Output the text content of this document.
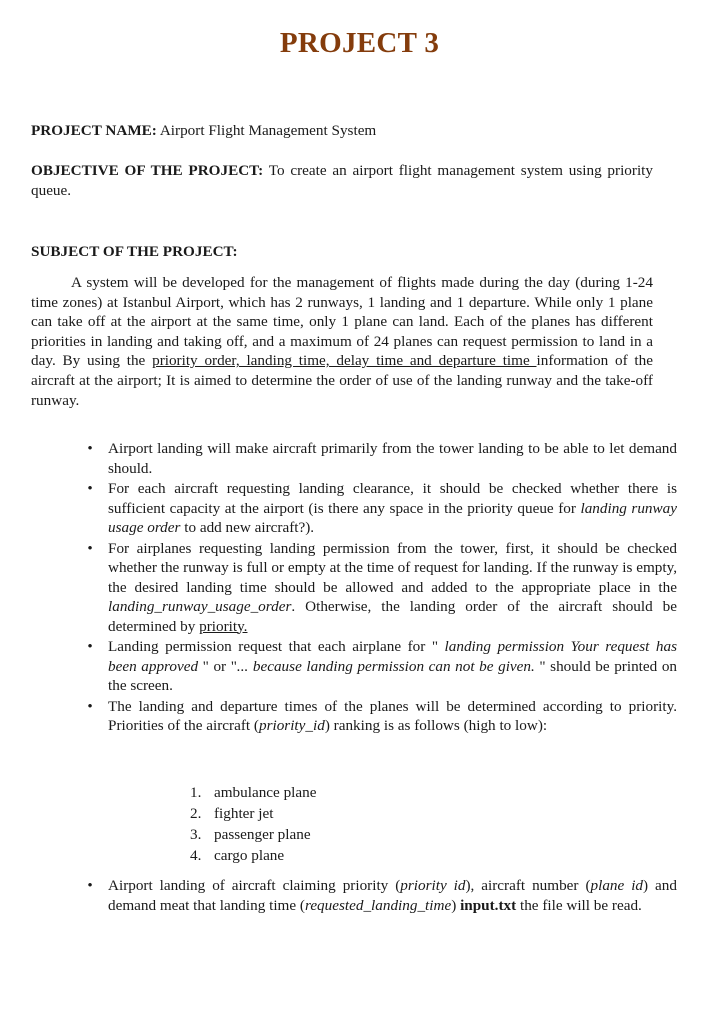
PROJECT 3
PROJECT NAME: Airport Flight Management System
OBJECTIVE OF THE PROJECT: To create an airport flight management system using priority queue.
SUBJECT OF THE PROJECT:
A system will be developed for the management of flights made during the day (during 1-24 time zones) at Istanbul Airport, which has 2 runways, 1 landing and 1 departure. While only 1 plane can take off at the airport at the same time, only 1 plane can land. Each of the planes has different priorities in landing and taking off, and a maximum of 24 planes can request permission to land in a day. By using the priority order, landing time, delay time and departure time information of the aircraft at the airport; It is aimed to determine the order of use of the landing runway and the take-off runway.
• Airport landing will make aircraft primarily from the tower landing to be able to let demand should.
• For each aircraft requesting landing clearance, it should be checked whether there is sufficient capacity at the airport (is there any space in the priority queue for landing runway usage order to add new aircraft?).
• For airplanes requesting landing permission from the tower, first, it should be checked whether the runway is full or empty at the time of request for landing. If the runway is empty, the desired landing time should be allowed and added to the appropriate place in the landing_runway_usage_order. Otherwise, the landing order of the aircraft should be determined by priority.
• Landing permission request that each airplane for " landing permission Your request has been approved " or "... because landing permission can not be given. " should be printed on the screen.
• The landing and departure times of the planes will be determined according to priority. Priorities of the aircraft (priority_id) ranking is as follows (high to low):
1. ambulance plane
2. fighter jet
3. passenger plane
4. cargo plane
• Airport landing of aircraft claiming priority (priority id), aircraft number (plane id) and demand meat that landing time (requested_landing_time) input.txt the file will be read.
